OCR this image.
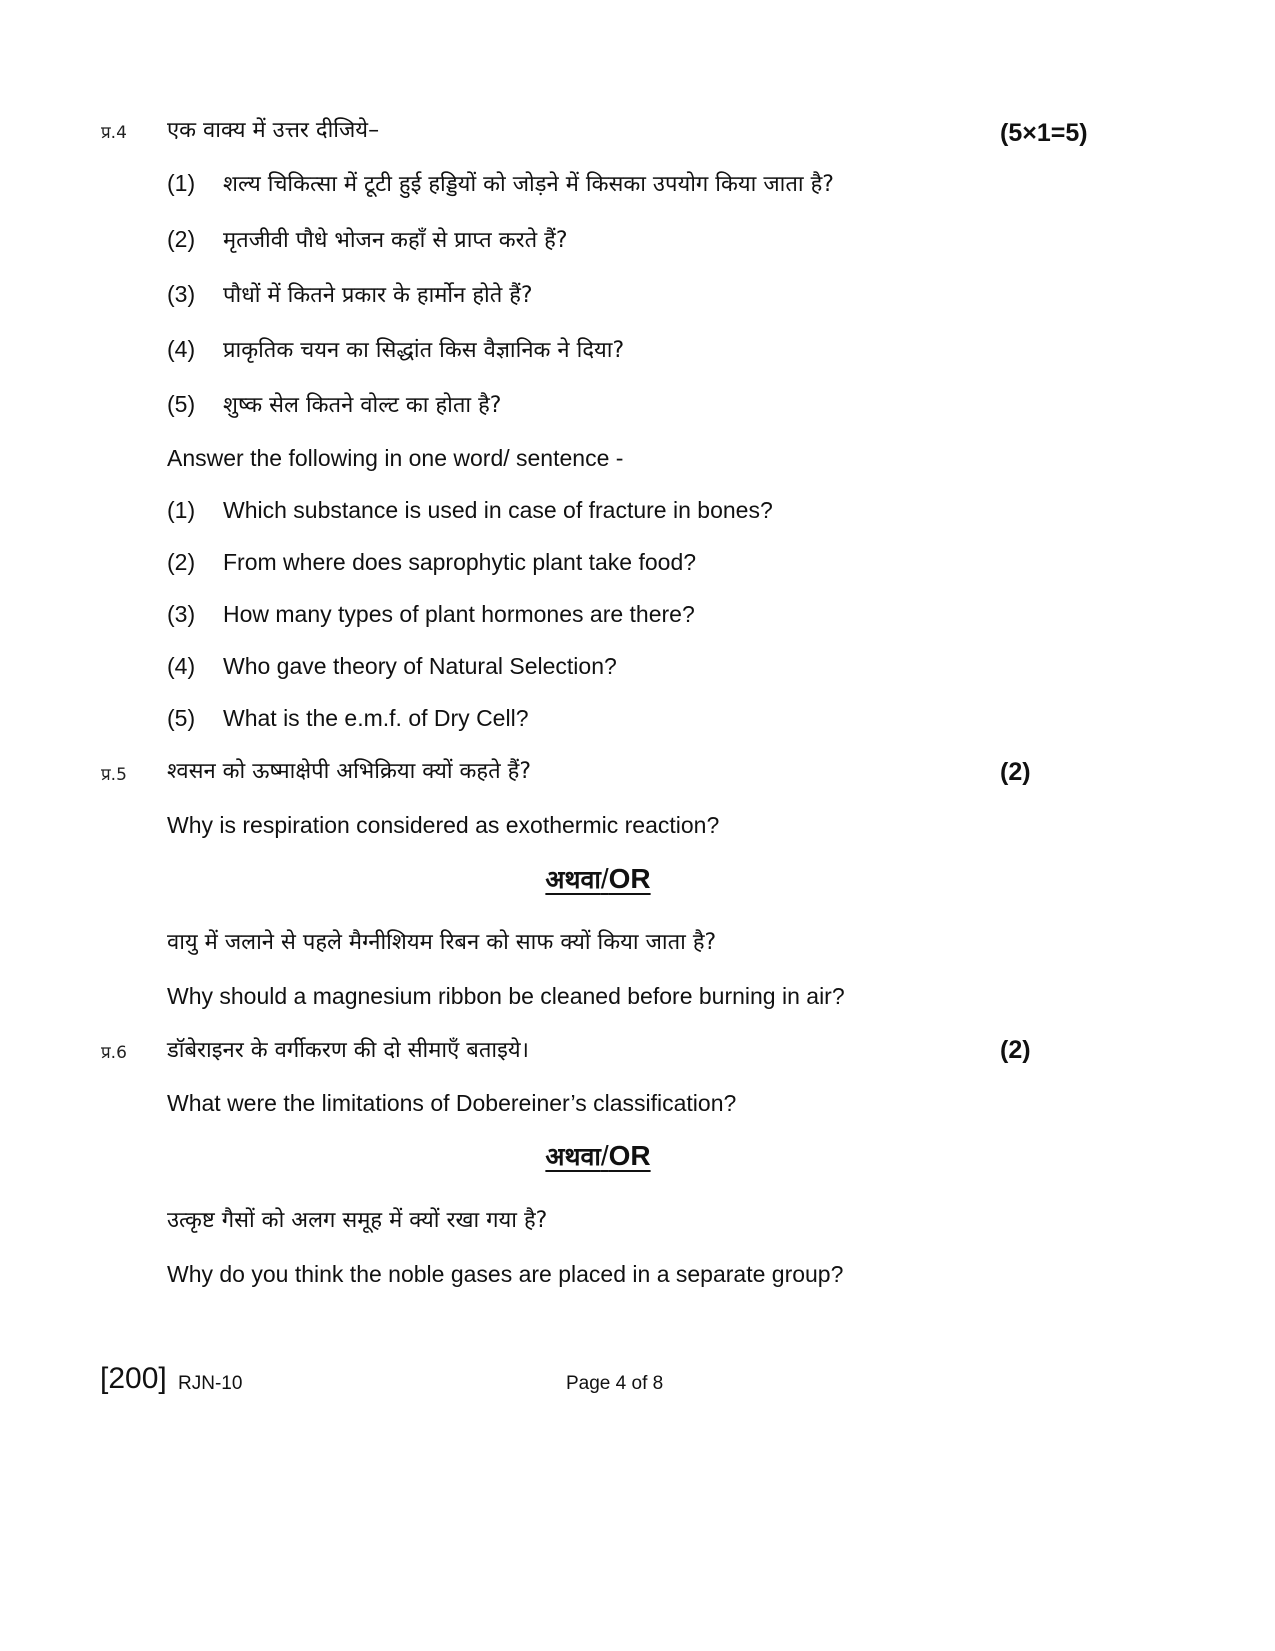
प्र.4 एक वाक्य में उत्तर दीजिये–	(5×1=5)
(1) शल्य चिकित्सा में टूटी हुई हड्डियों को जोड़ने में किसका उपयोग किया जाता है?
(2) मृतजीवी पौधे भोजन कहाँ से प्राप्त करते हैं?
(3) पौधों में कितने प्रकार के हार्मोन होते हैं?
(4) प्राकृतिक चयन का सिद्धांत किस वैज्ञानिक ने दिया?
(5) शुष्क सेल कितने वोल्ट का होता है?
Answer the following in one word/ sentence -
(1) Which substance is used in case of fracture in bones?
(2) From where does saprophytic plant take food?
(3) How many types of plant hormones are there?
(4) Who gave theory of Natural Selection?
(5) What is the e.m.f. of Dry Cell?
प्र.5 श्वसन को ऊष्माक्षेपी अभिक्रिया क्यों कहते हैं?	(2)
Why is respiration considered as exothermic reaction?
अथवा/OR
वायु में जलाने से पहले मैग्नीशियम रिबन को साफ क्यों किया जाता है?
Why should a magnesium ribbon be cleaned before burning in air?
प्र.6 डॉबेराइनर के वर्गीकरण की दो सीमाएँ बताइये।	(2)
What were the limitations of Dobereiner’s classification?
अथवा/OR
उत्कृष्ट गैसों को अलग समूह में क्यों रखा गया है?
Why do you think the noble gases are placed in a separate group?
[200] RJN-10	Page 4 of 8
